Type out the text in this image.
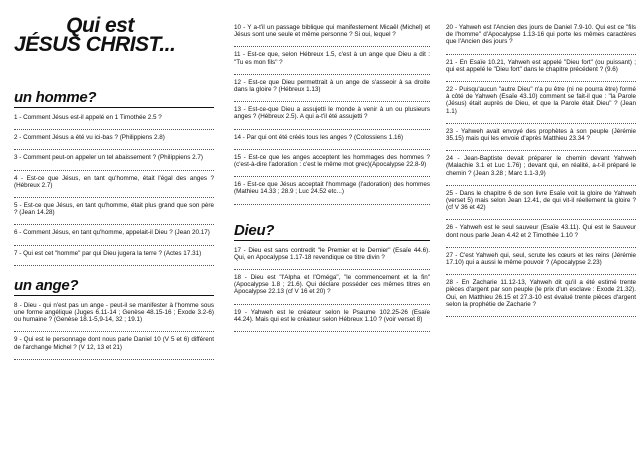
Qui est
JÉSUS CHRIST...
un homme?
1 - Comment Jésus est-il appelé en 1 Timothée 2.5 ?
2 - Comment Jésus a été vu ici-bas ? (Philippiens 2.8)
3 - Comment peut-on appeler un tel abaissement ? (Philippiens 2.7)
4 - Est-ce que Jésus, en tant qu'homme, était l'égal des anges ? (Hébreux 2.7)
5 - Est-ce que Jésus, en tant qu'homme, était plus grand que son père ? (Jean 14.28)
6 - Comment Jésus, en tant qu'homme, appelait-il Dieu ? (Jean 20.17)
7 - Qui est cet "homme" par qui Dieu jugera la terre ? (Actes 17.31)
un ange?
8 - Dieu - qui n'est pas un ange - peut-il se manifester à l'homme sous une forme angélique (Juges 6.11-14 ; Genèse 48.15-16 ; Exode 3.2-6) ou humaine ? (Genèse 18.1-5,9-14, 32 ; 19.1)
9 - Qui est le personnage dont nous parle Daniel 10 (V 5 et 6) différent de l'archange Michel ? (V 12, 13 et 21)
10 - Y a-t'il un passage biblique qui manifestement Micaël (Michel) et Jésus sont une seule et même personne ? Si oui, lequel ?
11 - Est-ce que, selon Hébreux 1.5, c'est à un ange que Dieu a dit : "Tu es mon fils" ?
12 - Est-ce que Dieu permettrait à un ange de s'asseoir à sa droite dans la gloire ? (Hébreux 1.13)
13 - Est-ce-que Dieu a assujetti le monde à venir à un ou plusieurs anges ? (Hébreux 2.5). A qui a-t'il été assujetti ?
14 - Par qui ont été créés tous les anges ? (Colossiens 1.16)
15 - Est-ce que les anges acceptent les hommages des hommes ? (c'est-à-dire l'adoration : c'est le même mot grec)(Apocalypse 22.8-9)
16 - Est-ce que Jésus acceptait l'hommage (l'adoration) des hommes (Mathieu 14.33 ; 28.9 ; Luc 24.52 etc...)
Dieu?
17 - Dieu est sans contredit "le Premier et le Dernier" (Esaïe 44.6). Qui, en Apocalypse 1.17-18 revendique ce titre divin ?
18 - Dieu est "l'Alpha et l'Oméga", "le commencement et la fin" (Apocalypse 1.8 ; 21.6). Qui déclare posséder ces mêmes titres en Apocalypse 22.13 (cf V 16 et 20) ?
19 - Yahweh est le créateur selon le Psaume 102.25-26 (Esaïe 44.24). Mais qui est le créateur selon Hébreux 1.10 ? (voir verset 8)
20 - Yahweh est l'Ancien des jours de Daniel 7.9-10. Qui est ce "fils de l'homme" d'Apocalypse 1.13-16 qui porte les mêmes caractères que l'Ancien des jours ?
21 - En Esaïe 10.21, Yahweh est appelé "Dieu fort" (ou puissant) ; qui est appelé le "Dieu fort" dans le chapitre précédent ? (9.6)
22 - Puisqu'aucun "autre Dieu" n'a pu être (ni ne pourra être) formé à côté de Yahweh (Esaïe 43.10) comment se fait-il que : "la Parole (Jésus) était auprès de Dieu, et que la Parole était Dieu" ? (Jean 1.1)
23 - Yahweh avait envoyé des prophètes à son peuple (Jérémie 35.15) mais qui les envoie d'après Matthieu 23.34 ?
24 - Jean-Baptiste devait préparer le chemin devant Yahweh (Malachie 3.1 et Luc 1.76) ; devant qui, en réalité, a-t-il préparé le chemin ? (Jean 3.28 ; Marc 1.1-3,9)
25 - Dans le chapitre 6 de son livre Esaïe voit la gloire de Yahweh (verset 5) mais selon Jean 12.41, de qui vit-il réellement la gloire ? (cf V 36 et 42)
26 - Yahweh est le seul sauveur (Esaïe 43.11). Qui est le Sauveur dont nous parle Jean 4.42 et 2 Timothée 1.10 ?
27 - C'est Yahweh qui, seul, scrute les cœurs et les reins (Jérémie 17.10) qui a aussi le même pouvoir ? (Apocalypse 2.23)
28 - En Zacharie 11.12-13, Yahweh dit qu'il a été estimé trente pièces d'argent par son peuple (le prix d'un esclave : Exode 21.32). Oui, en Matthieu 26.15 et 27.3-10 est évalué trente pièces d'argent selon la prophétie de Zacharie ?
